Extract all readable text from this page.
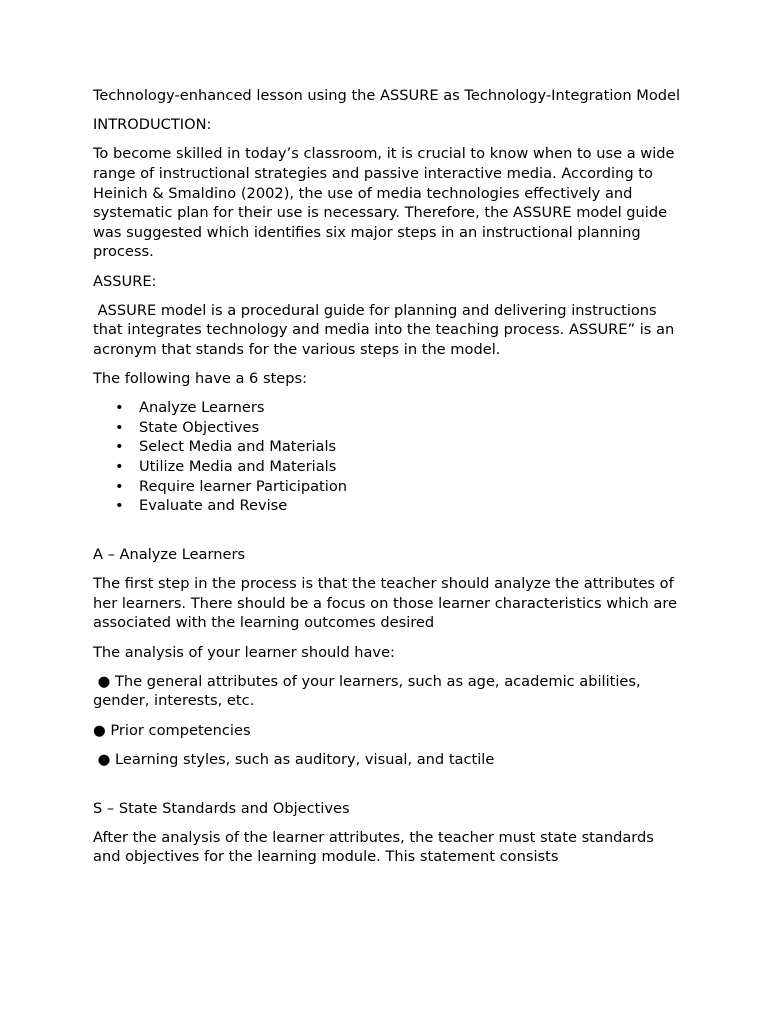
Technology-enhanced lesson using the ASSURE as Technology-Integration Model

INTRODUCTION:

To become skilled in today’s classroom, it is crucial to know when to use a wide range of instructional strategies and passive interactive media. According to Heinich & Smaldino (2002), the use of media technologies effectively and systematic plan for their use is necessary. Therefore, the ASSURE model guide was suggested which identifies six major steps in an instructional planning process.

ASSURE:

ASSURE model is a procedural guide for planning and delivering instructions that integrates technology and media into the teaching process. ASSURE” is an acronym that stands for the various steps in the model.

The following have a 6 steps:

• Analyze Learners
• State Objectives
• Select Media and Materials
• Utilize Media and Materials
• Require learner Participation
• Evaluate and Revise

A – Analyze Learners

The first step in the process is that the teacher should analyze the attributes of her learners. There should be a focus on those learner characteristics which are associated with the learning outcomes desired

The analysis of your learner should have:

● The general attributes of your learners, such as age, academic abilities, gender, interests, etc.

● Prior competencies

● Learning styles, such as auditory, visual, and tactile

S – State Standards and Objectives

After the analysis of the learner attributes, the teacher must state standards and objectives for the learning module. This statement consists
